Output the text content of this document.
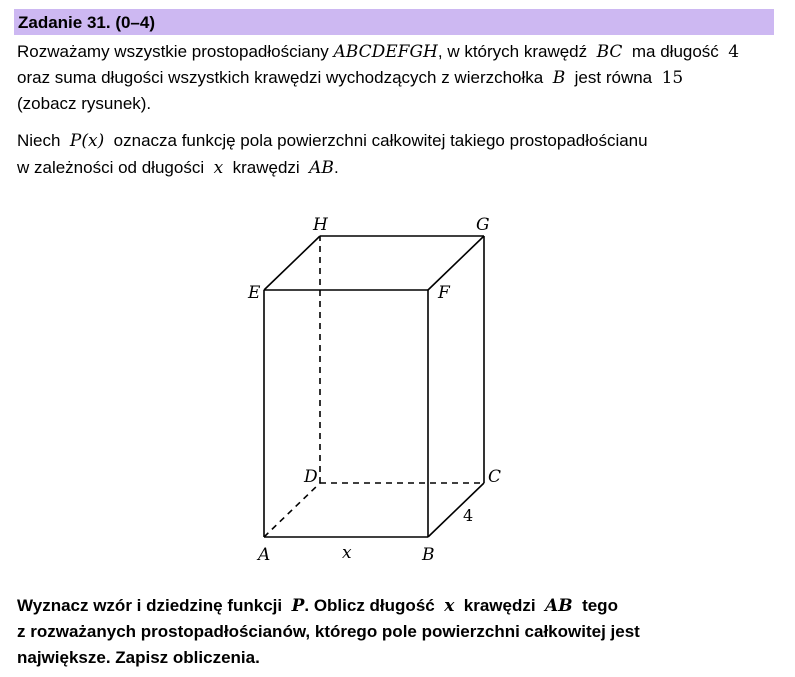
Zadanie 31. (0–4)
Rozważamy wszystkie prostopadłościany ABCDEFGH, w których krawędź BC ma długość 4
oraz suma długości wszystkich krawędzi wychodzących z wierzchołka B jest równa 15
(zobacz rysunek).
Niech P(x) oznacza funkcję pola powierzchni całkowitej takiego prostopadłościanu
w zależności od długości x krawędzi AB.
A	B
C
D
E	F
G
H
x
4
Wyznacz wzór i dziedzinę funkcji P. Oblicz długość x krawędzi AB tego
z rozważanych prostopadłościanów, którego pole powierzchni całkowitej jest
największe. Zapisz obliczenia.
